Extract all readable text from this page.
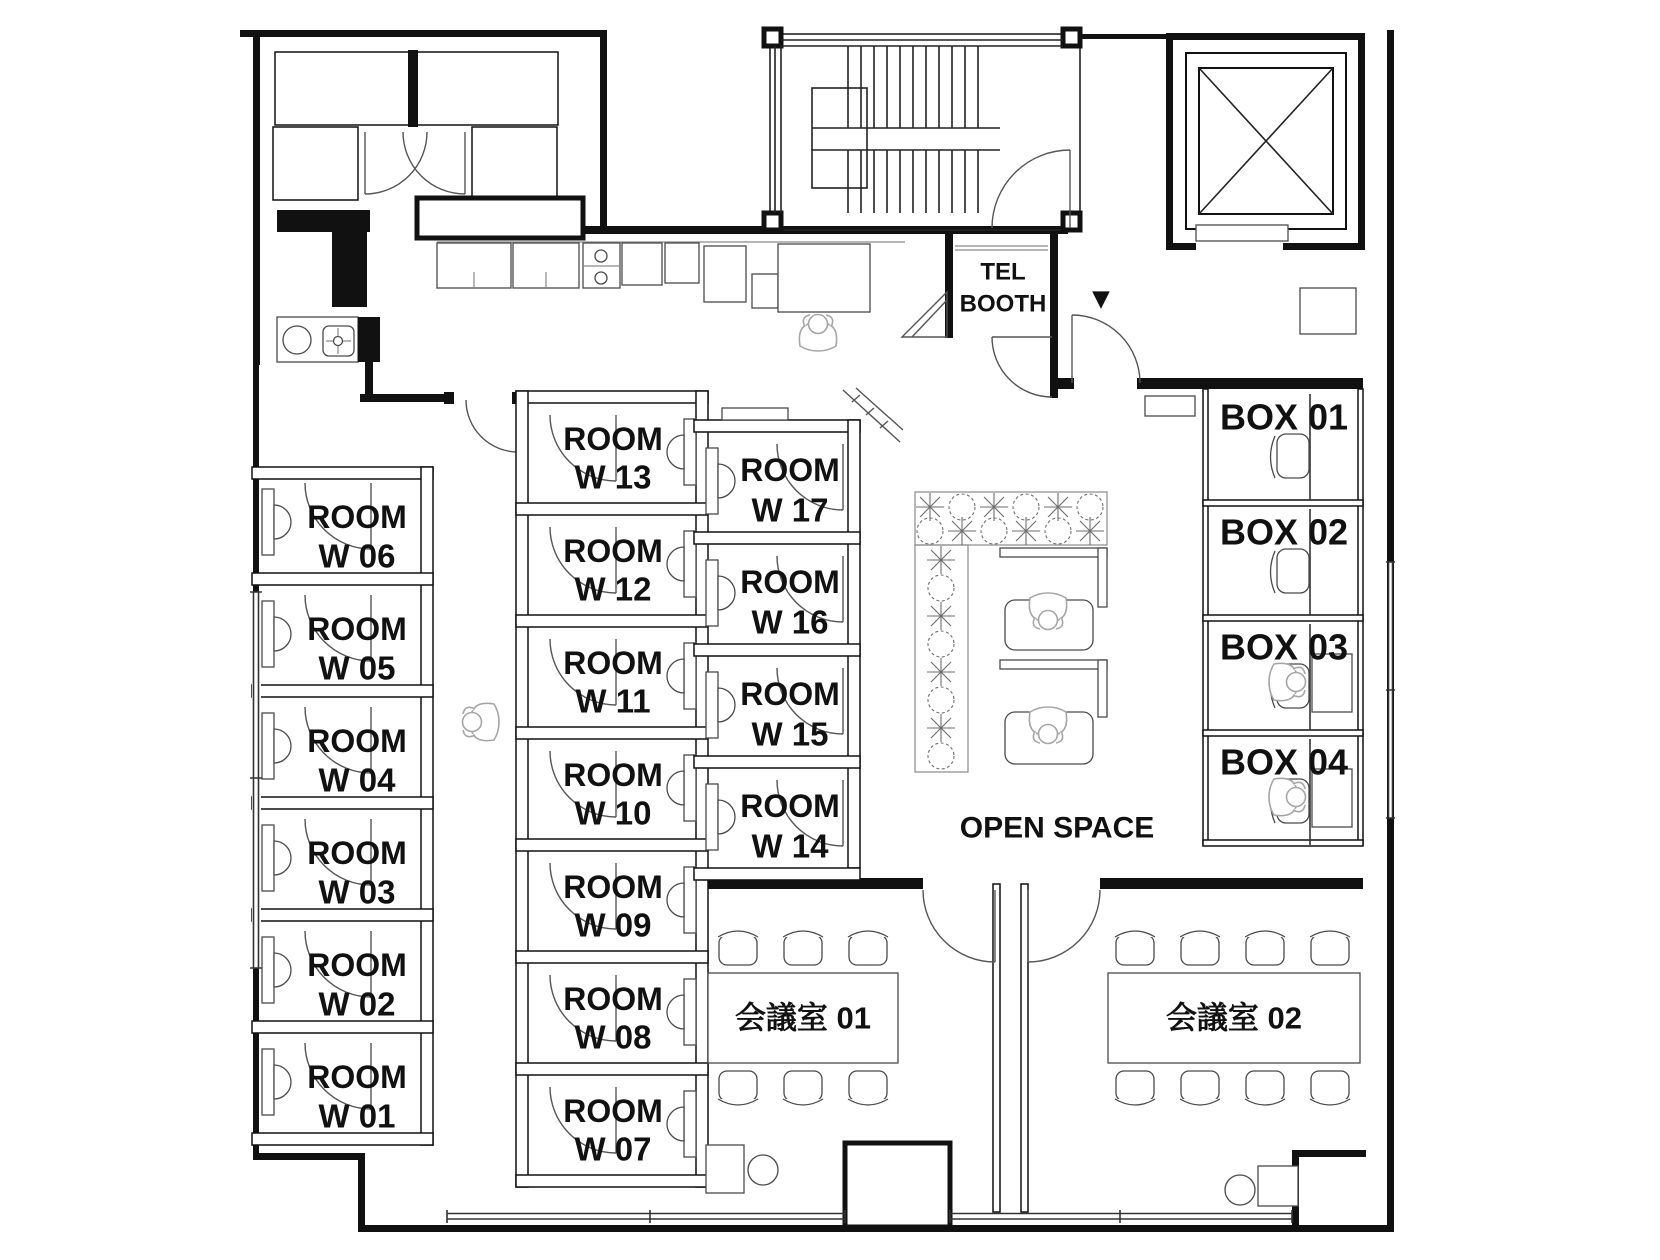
TEL
BOOTH ▼
ROOM
W 06
ROOM
W 05
ROOM
W 04
ROOM
W 03
ROOM
W 02
ROOM
W 01
ROOM
W 13
ROOM
W 12
ROOM
W 11
ROOM
W 10
ROOM
W 09
ROOM
W 08
ROOM
W 07
ROOM
W 17
ROOM
W 16
ROOM
W 15
ROOM
W 14
BOX 01
BOX 02
BOX 03
BOX 04
OPEN SPACE
会議室 01	会議室 02
